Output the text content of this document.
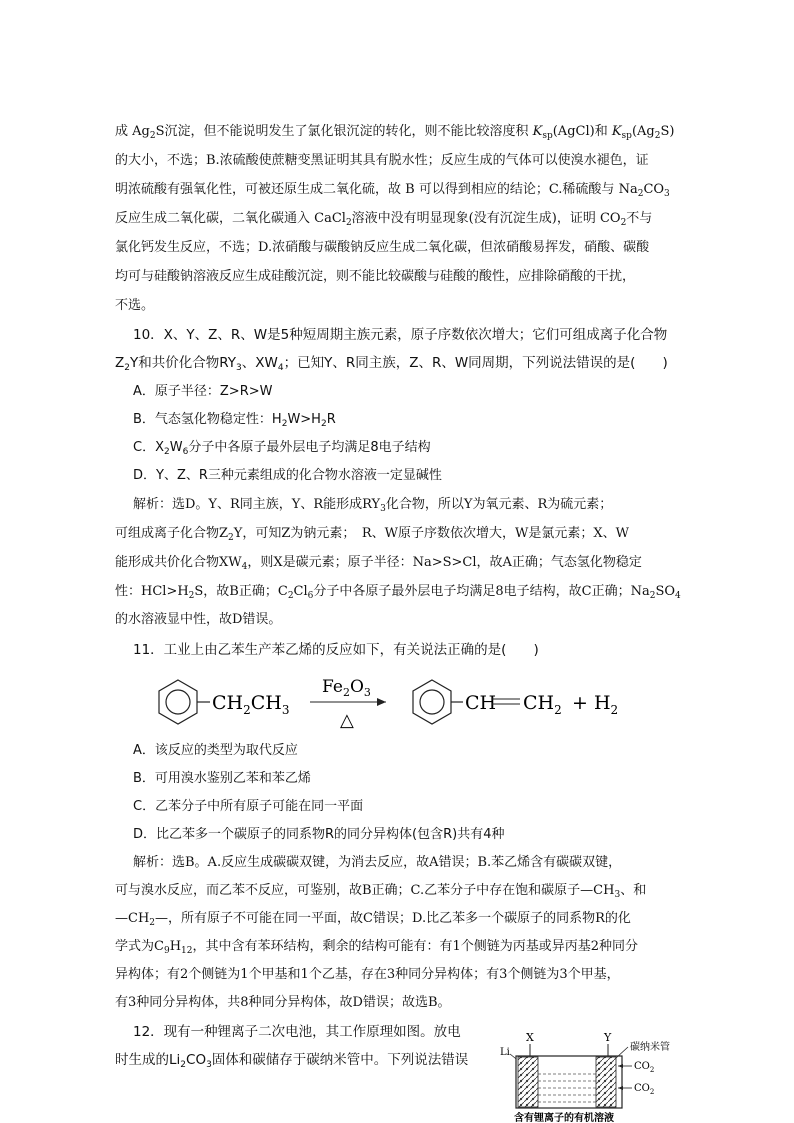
成 $Ag_2S$沉淀，但不能说明发生了氯化银沉淀的转化，则不能比较溶度积 $K_{sp}(AgCl)$和 $K_{sp}(Ag_2S)$
的大小，不选；B.浓硫酸使蔗糖变黑证明其具有脱水性；反应生成的气体可以使溴水褪色，证
明浓硫酸有强氧化性，可被还原生成二氧化硫，故 B 可以得到相应的结论；C.稀硫酸与 $Na_2CO_3$
反应生成二氧化碳，二氧化碳通入 CaCl$_2$溶液中没有明显现象(没有沉淀生成)，证明 $CO_2$不与
氯化钙发生反应，不选；D.浓硝酸与碳酸钠反应生成二氧化碳，但浓硝酸易挥发，硝酸、碳酸
均可与硅酸钠溶液反应生成硅酸沉淀，则不能比较碳酸与硅酸的酸性，应排除硝酸的干扰，
不选。
10．X、Y、Z、R、W是5种短周期主族元素，原子序数依次增大；它们可组成离子化合物
$Z_2Y$和共价化合物$RY_3$、$XW_4$；已知Y、R同主族，Z、R、W同周期，下列说法错误的是(　　)
A．原子半径：Z>R>W
B．气态氢化物稳定性：$H_2W>H_2R$
C．$X_2W_6$分子中各原子最外层电子均满足8电子结构
D．Y、Z、R三种元素组成的化合物水溶液一定显碱性
解析：选D。Y、R同主族，Y、R能形成$RY_3$化合物，所以Y为氧元素、R为硫元素；
可组成离子化合物$Z_2Y$，可知Z为钠元素；　R、W原子序数依次增大，W是氯元素；X、W
能形成共价化合物$XW_4$，则X是碳元素；原子半径：Na>S>Cl，故A正确；气态氢化物稳定
性：$HCl>H_2S$，故B正确；$C_2Cl_6$分子中各原子最外层电子均满足8电子结构，故C正确；$Na_2SO_4$
的水溶液显中性，故D错误。
11．工业上由乙苯生产苯乙烯的反应如下，有关说法正确的是(　　)
$CH_2CH_3$
$Fe_2O_3$
△
CH $CH_2 + H_2$
A．该反应的类型为取代反应
B．可用溴水鉴别乙苯和苯乙烯
C．乙苯分子中所有原子可能在同一平面
D．比乙苯多一个碳原子的同系物R的同分异构体(包含R)共有4种
解析：选B。A.反应生成碳碳双键，为消去反应，故A错误；B.苯乙烯含有碳碳双键，
可与溴水反应，而乙苯不反应，可鉴别，故B正确；C.乙苯分子中存在饱和碳原子$—CH_3$、和
$—CH_2—$，所有原子不可能在同一平面，故C错误；D.比乙苯多一个碳原子的同系物R的化
学式为$C_9H_{12}$，其中含有苯环结构，剩余的结构可能有：有1个侧链为丙基或异丙基2种同分
异构体；有2个侧链为1个甲基和1个乙基，存在3种同分异构体；有3个侧链为3个甲基，
有3种同分异构体，共8种同分异构体，故D错误；故选B。
12．现有一种锂离子二次电池，其工作原理如图。放电
时生成的$Li_2CO_3$固体和碳储存于碳纳米管中。下列说法错误
X	Y
Li	碳纳米管
$CO_2$
$CO_2$
含有锂离子的有机溶液
